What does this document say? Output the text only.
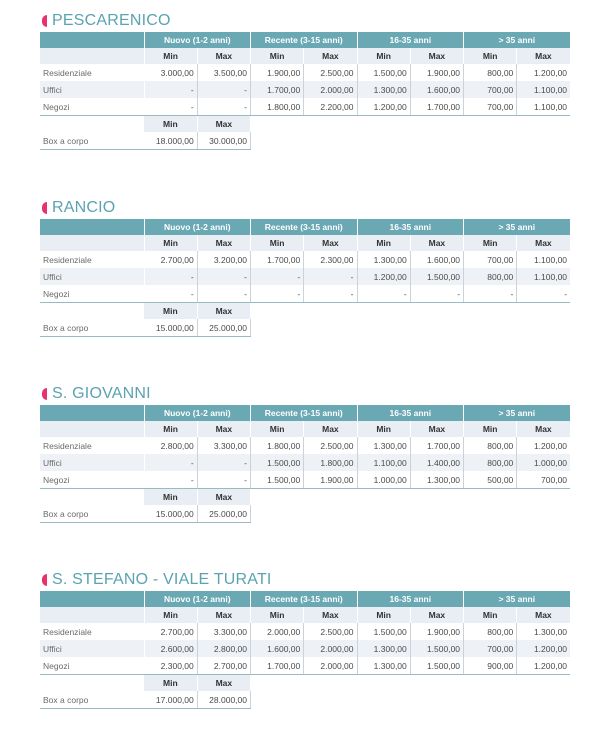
PESCARENICO
	Nuovo (1-2 anni)		Recente (3-15 anni)		16-35 anni		> 35 anni	
	Min	Max	Min	Max	Min	Max	Min	Max
Residenziale	3.000,00	3.500,00	1.900,00	2.500,00	1.500,00	1.900,00	800,00	1.200,00
Uffici	-	-	1.700,00	2.000,00	1.300,00	1.600,00	700,00	1.100,00
Negozi	-	-	1.800,00	2.200,00	1.200,00	1.700,00	700,00	1.100,00
	Min	Max						
Box a corpo	18.000,00	30.000,00						
RANCIO
	Nuovo (1-2 anni)		Recente (3-15 anni)		16-35 anni		> 35 anni	
	Min	Max	Min	Max	Min	Max	Min	Max
Residenziale	2.700,00	3.200,00	1.700,00	2.300,00	1.300,00	1.600,00	700,00	1.100,00
Uffici	-	-	-	-	1.200,00	1.500,00	800,00	1.100,00
Negozi	-	-	-	-	-	-	-	-
	Min	Max						
Box a corpo	15.000,00	25.000,00						
S. GIOVANNI
	Nuovo (1-2 anni)		Recente (3-15 anni)		16-35 anni		> 35 anni	
	Min	Max	Min	Max	Min	Max	Min	Max
Residenziale	2.800,00	3.300,00	1.800,00	2.500,00	1.300,00	1.700,00	800,00	1.200,00
Uffici	-	-	1.500,00	1.800,00	1.100,00	1.400,00	800,00	1.000,00
Negozi	-	-	1.500,00	1.900,00	1.000,00	1.300,00	500,00	700,00
	Min	Max						
Box a corpo	15.000,00	25.000,00						
S. STEFANO - VIALE TURATI
	Nuovo (1-2 anni)		Recente (3-15 anni)		16-35 anni		> 35 anni	
	Min	Max	Min	Max	Min	Max	Min	Max
Residenziale	2.700,00	3.300,00	2.000,00	2.500,00	1.500,00	1.900,00	800,00	1.300,00
Uffici	2.600,00	2.800,00	1.600,00	2.000,00	1.300,00	1.500,00	700,00	1.200,00
Negozi	2.300,00	2.700,00	1.700,00	2.000,00	1.300,00	1.500,00	900,00	1.200,00
	Min	Max						
Box a corpo	17.000,00	28.000,00						
